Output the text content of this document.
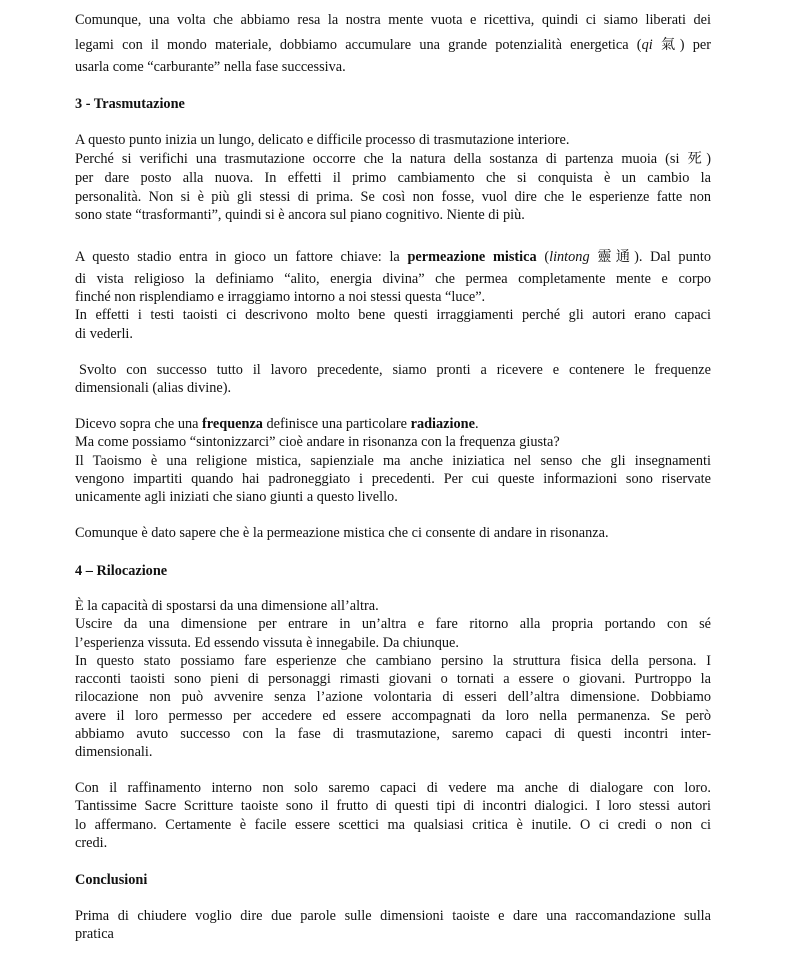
Comunque, una volta che abbiamo resa la nostra mente vuota e ricettiva, quindi ci siamo liberati dei
legami con il mondo materiale, dobbiamo accumulare una grande potenzialità energetica (qi 氣) per
usarla come “carburante” nella fase successiva.
3 - Trasmutazione
A questo punto inizia un lungo, delicato e difficile processo di trasmutazione interiore.
Perché si verifichi una trasmutazione occorre che la natura della sostanza di partenza muoia (si 死)
per dare posto alla nuova. In effetti il primo cambiamento che si conquista è un cambio la
personalità. Non si è più gli stessi di prima. Se così non fosse, vuol dire che le esperienze fatte non
sono state “trasformanti”, quindi si è ancora sul piano cognitivo. Niente di più.
A questo stadio entra in gioco un fattore chiave: la permeazione mistica (lintong 靈通). Dal punto
di vista religioso la definiamo “alito, energia divina” che permea completamente mente e corpo
finché non risplendiamo e irraggiamo intorno a noi stessi questa “luce”.
In effetti i testi taoisti ci descrivono molto bene questi irraggiamenti perché gli autori erano capaci
di vederli.
Svolto con successo tutto il lavoro precedente, siamo pronti a ricevere e contenere le frequenze
dimensionali (alias divine).
Dicevo sopra che una frequenza definisce una particolare radiazione.
Ma come possiamo “sintonizzarci” cioè andare in risonanza con la frequenza giusta?
Il Taoismo è una religione mistica, sapienziale ma anche iniziatica nel senso che gli insegnamenti
vengono impartiti quando hai padroneggiato i precedenti. Per cui queste informazioni sono riservate
unicamente agli iniziati che siano giunti a questo livello.
Comunque è dato sapere che è la permeazione mistica che ci consente di andare in risonanza.
4 – Rilocazione
È la capacità di spostarsi da una dimensione all’altra.
Uscire da una dimensione per entrare in un’altra e fare ritorno alla propria portando con sé
l’esperienza vissuta. Ed essendo vissuta è innegabile. Da chiunque.
In questo stato possiamo fare esperienze che cambiano persino la struttura fisica della persona. I
racconti taoisti sono pieni di personaggi rimasti giovani o tornati a essere o giovani. Purtroppo la
rilocazione non può avvenire senza l’azione volontaria di esseri dell’altra dimensione. Dobbiamo
avere il loro permesso per accedere ed essere accompagnati da loro nella permanenza. Se però
abbiamo avuto successo con la fase di trasmutazione, saremo capaci di questi incontri inter-
dimensionali.
Con il raffinamento interno non solo saremo capaci di vedere ma anche di dialogare con loro.
Tantissime Sacre Scritture taoiste sono il frutto di questi tipi di incontri dialogici. I loro stessi autori
lo affermano. Certamente è facile essere scettici ma qualsiasi critica è inutile. O ci credi o non ci
credi.
Conclusioni
Prima di chiudere voglio dire due parole sulle dimensioni taoiste e dare una raccomandazione sulla
pratica
